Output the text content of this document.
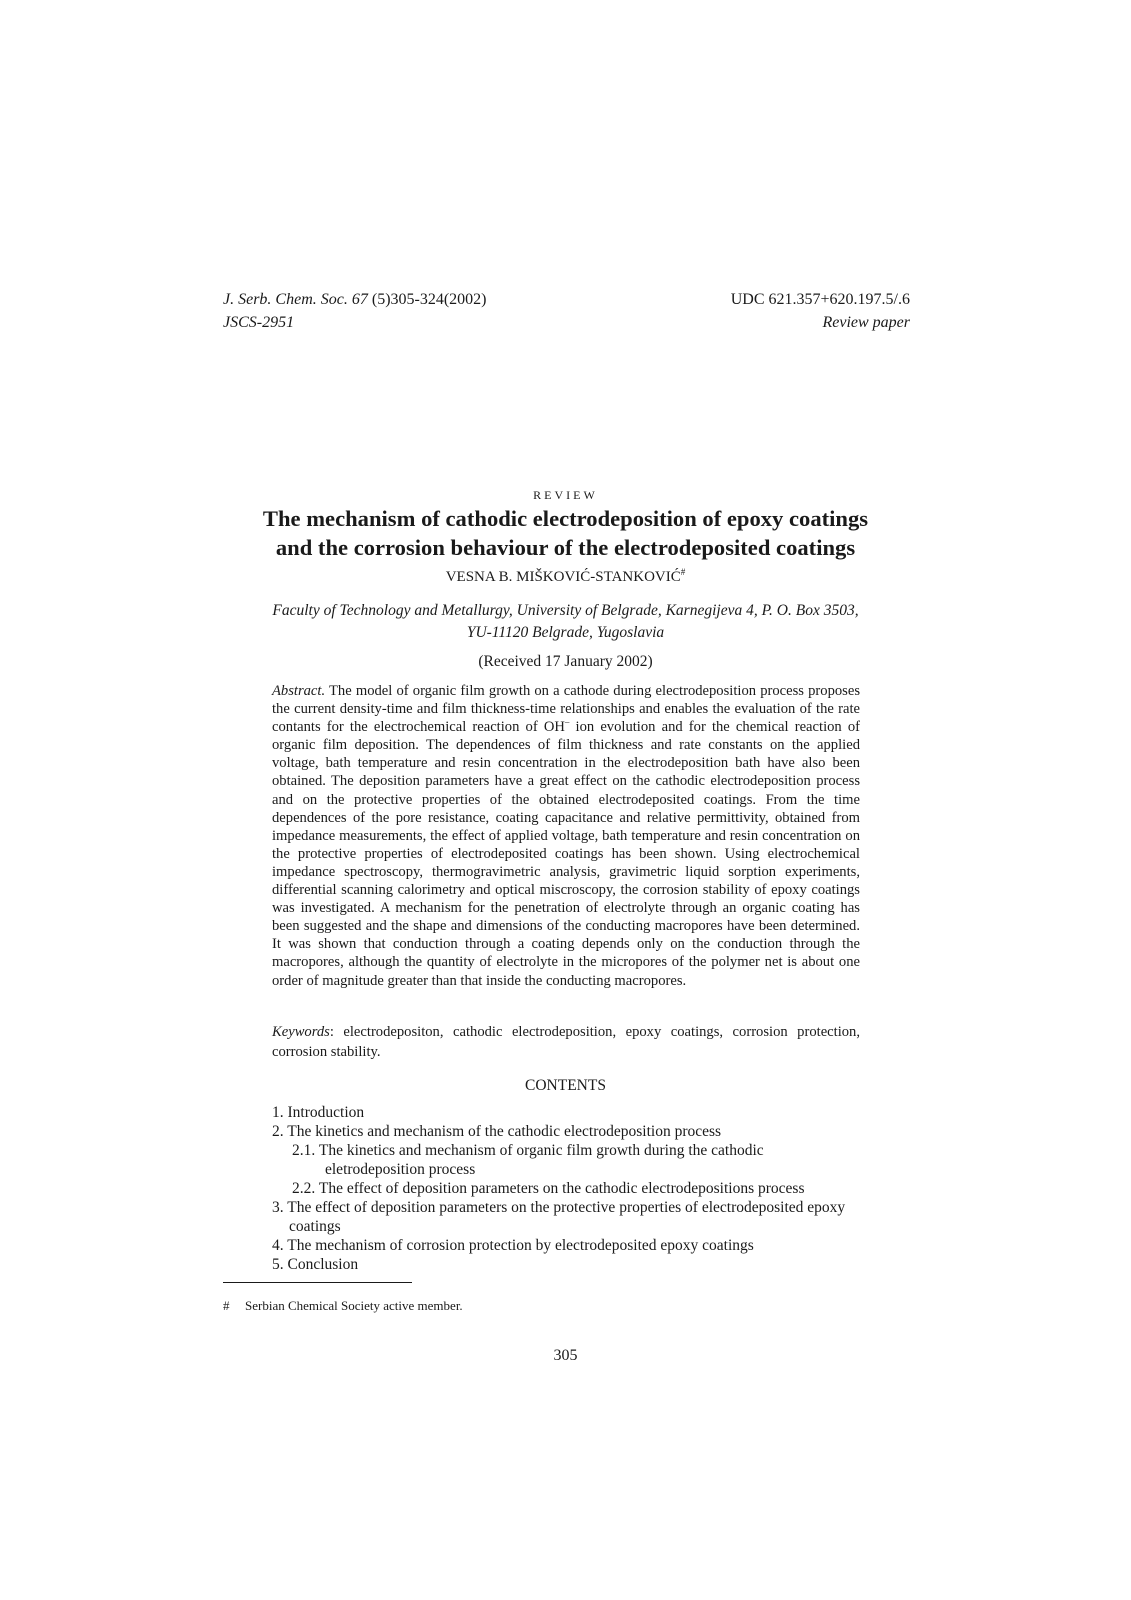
J. Serb. Chem. Soc. 67 (5)305-324(2002)
JSCS-2951
UDC 621.357+620.197.5/.6
Review paper
REVIEW
The mechanism of cathodic electrodeposition of epoxy coatings
and the corrosion behaviour of the electrodeposited coatings
VESNA B. MIŠKOVIĆ-STANKOVIĆ#
Faculty of Technology and Metallurgy, University of Belgrade, Karnegijeva 4, P. O. Box 3503,
YU-11120 Belgrade, Yugoslavia
(Received 17 January 2002)

Abstract. The model of organic film growth on a cathode during electrodeposition process proposes the current density-time and film thickness-time relationships and enables the evaluation of the rate contants for the electrochemical reaction of OH– ion evolution and for the chemical reaction of organic film deposition. The dependences of film thickness and rate constants on the applied voltage, bath temperature and resin concentration in the electrodeposition bath have also been obtained. The deposition parameters have a great effect on the cathodic electrodeposition process and on the protective properties of the obtained electrodeposited coatings. From the time dependences of the pore resistance, coating capacitance and relative permittivity, obtained from impedance measurements, the effect of applied voltage, bath temperature and resin concentration on the protective properties of electrodeposited coatings has been shown. Using electrochemical impedance spectroscopy, thermogravimetric analysis, gravimetric liquid sorption experiments, differential scanning calorimetry and optical miscroscopy, the corrosion stability of epoxy coatings was investigated. A mechanism for the penetration of electrolyte through an organic coating has been suggested and the shape and dimensions of the conducting macropores have been determined. It was shown that conduction through a coating depends only on the conduction through the macropores, although the quantity of electrolyte in the micropores of the polymer net is about one order of magnitude greater than that inside the conducting macropores.

Keywords: electrodepositon, cathodic electrodeposition, epoxy coatings, corrosion protection, corrosion stability.

CONTENTS
1. Introduction
2. The kinetics and mechanism of the cathodic electrodeposition process
2.1. The kinetics and mechanism of organic film growth during the cathodic eletrodeposition process
2.2. The effect of deposition parameters on the cathodic electrodepositions process
3. The effect of deposition parameters on the protective properties of electrodeposited epoxy coatings
4. The mechanism of corrosion protection by electrodeposited epoxy coatings
5. Conclusion
# Serbian Chemical Society active member.
305
